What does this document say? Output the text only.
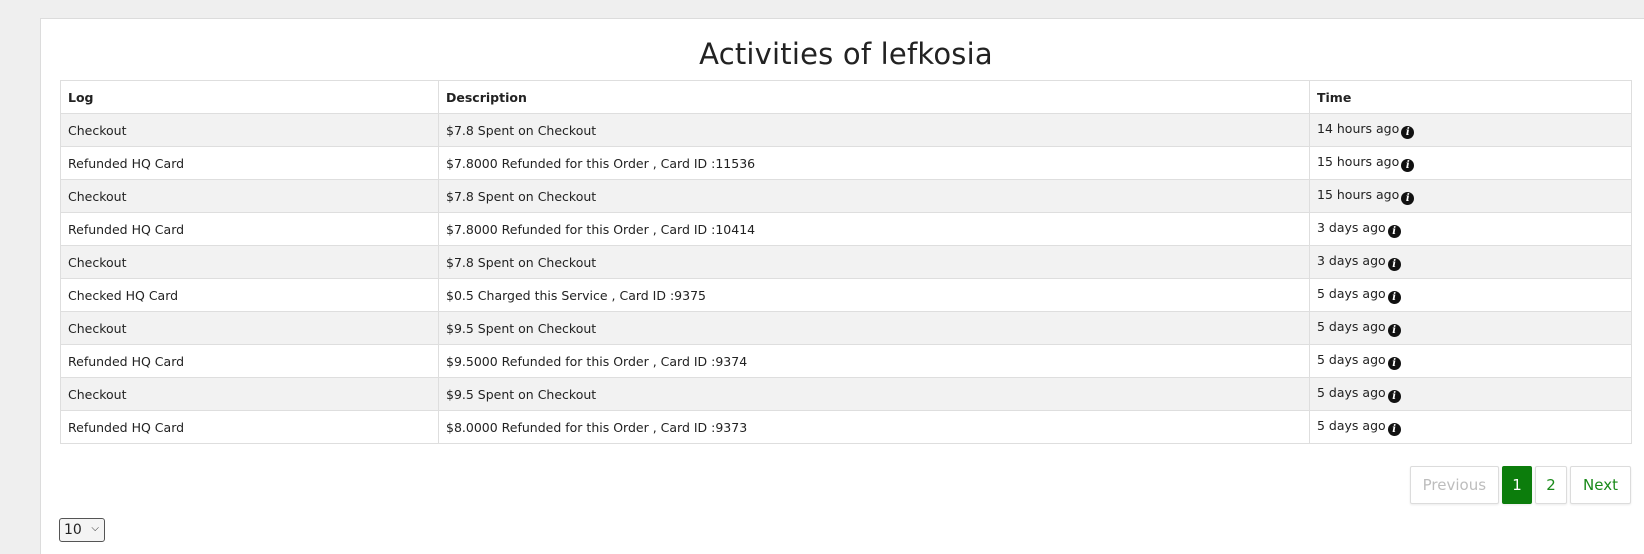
Activities of lefkosia
Log	Description	Time
Checkout	$7.8 Spent on Checkout	14 hours ago i
Refunded HQ Card	$7.8000 Refunded for this Order , Card ID :11536	15 hours ago i
Checkout	$7.8 Spent on Checkout	15 hours ago i
Refunded HQ Card	$7.8000 Refunded for this Order , Card ID :10414	3 days ago i
Checkout	$7.8 Spent on Checkout	3 days ago i
Checked HQ Card	$0.5 Charged this Service , Card ID :9375	5 days ago i
Checkout	$9.5 Spent on Checkout	5 days ago i
Refunded HQ Card	$9.5000 Refunded for this Order , Card ID :9374	5 days ago i
Checkout	$9.5 Spent on Checkout	5 days ago i
Refunded HQ Card	$8.0000 Refunded for this Order , Card ID :9373	5 days ago i
Previous	1	2	Next
10 ⌵
